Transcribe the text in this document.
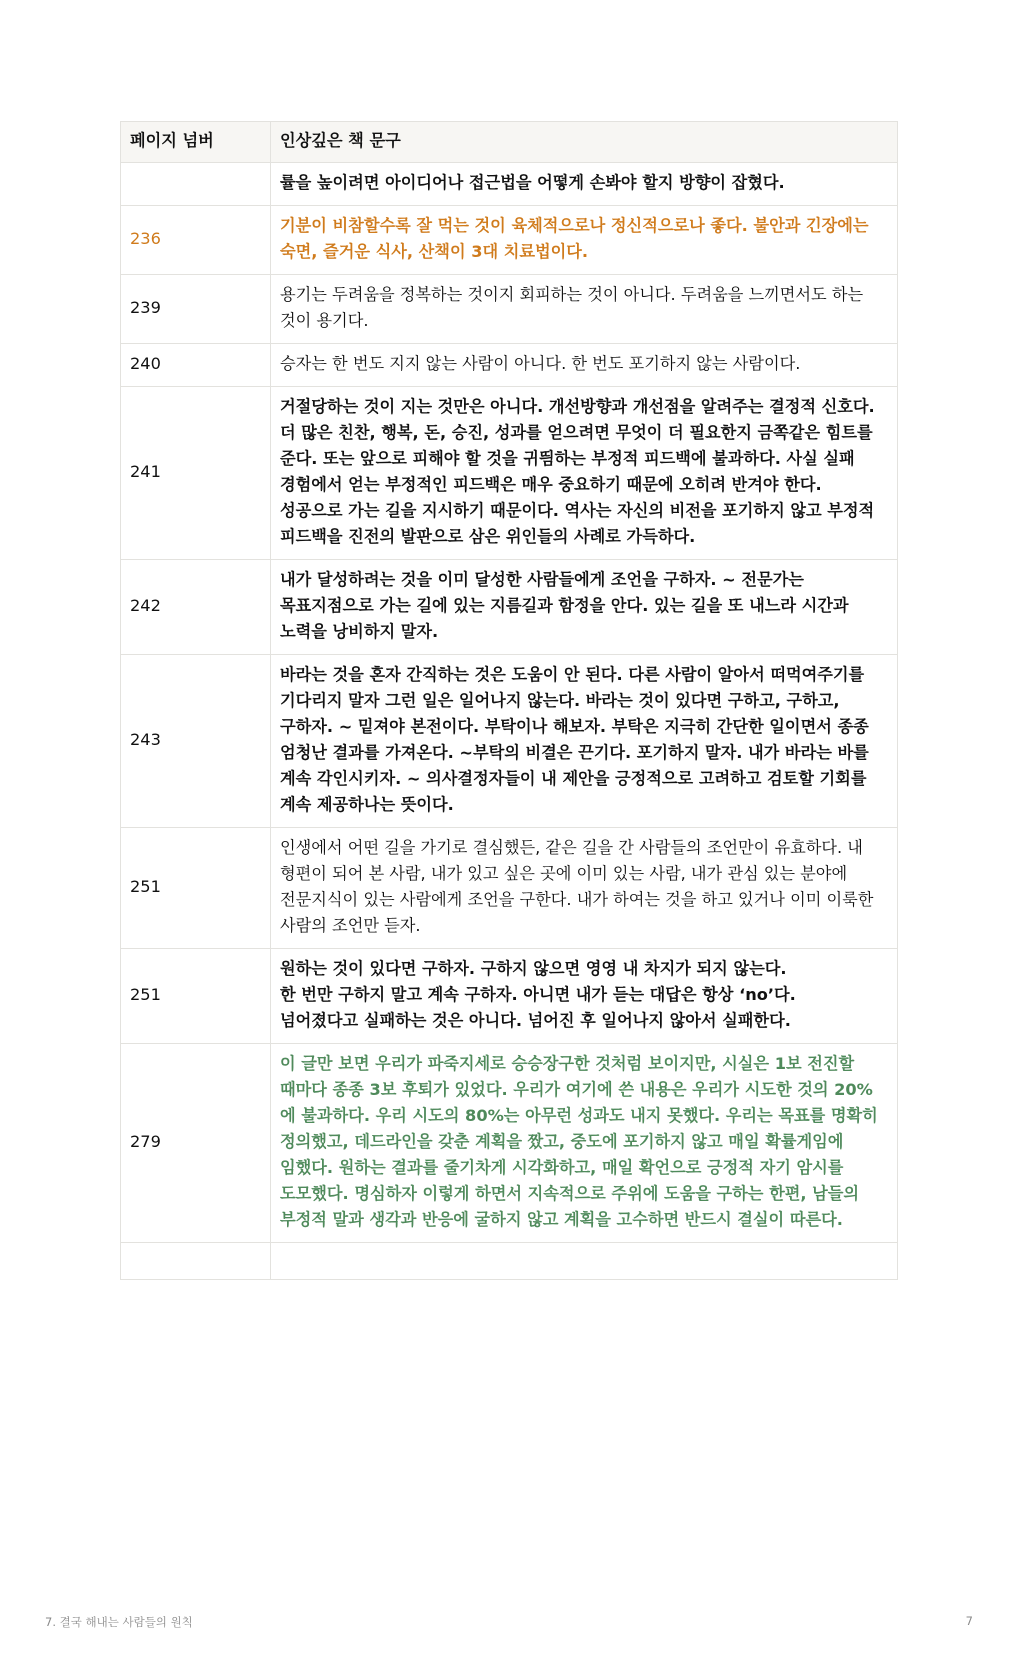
페이지 넘버	인상깊은 책 문구
	률을 높이려면 아이디어나 접근법을 어떻게 손봐야 할지 방향이 잡혔다.
236	기분이 비참할수록 잘 먹는 것이 육체적으로나 정신적으로나 좋다. 불안과 긴장에는 숙면, 즐거운 식사, 산책이 3대 치료법이다.
239	용기는 두려움을 정복하는 것이지 회피하는 것이 아니다. 두려움을 느끼면서도 하는 것이 용기다.
240	승자는 한 번도 지지 않는 사람이 아니다. 한 번도 포기하지 않는 사람이다.
241	거절당하는 것이 지는 것만은 아니다. 개선방향과 개선점을 알려주는 결정적 신호다. 더 많은 친찬, 행복, 돈, 승진, 성과를 얻으려면 무엇이 더 필요한지 금쪽같은 힘트를 준다. 또는 앞으로 피해야 할 것을 귀띔하는 부정적 피드백에 불과하다. 사실 실패 경험에서 얻는 부정적인 피드백은 매우 중요하기 때문에 오히려 반겨야 한다. 성공으로 가는 길을 지시하기 때문이다. 역사는 자신의 비전을 포기하지 않고 부정적 피드백을 진전의 발판으로 삼은 위인들의 사례로 가득하다.
242	내가 달성하려는 것을 이미 달성한 사람들에게 조언을 구하자. ~ 전문가는 목표지점으로 가는 길에 있는 지름길과 함정을 안다. 있는 길을 또 내느라 시간과 노력을 낭비하지 말자.
243	바라는 것을 혼자 간직하는 것은 도움이 안 된다. 다른 사람이 알아서 떠먹여주기를 기다리지 말자 그런 일은 일어나지 않는다. 바라는 것이 있다면 구하고, 구하고, 구하자. ~ 밑져야 본전이다. 부탁이나 해보자. 부탁은 지극히 간단한 일이면서 종종 엄청난 결과를 가져온다. ~부탁의 비결은 끈기다. 포기하지 말자. 내가 바라는 바를 계속 각인시키자. ~ 의사결정자들이 내 제안을 긍정적으로 고려하고 검토할 기회를 계속 제공하나는 뜻이다.
251	인생에서 어떤 길을 가기로 결심했든, 같은 길을 간 사람들의 조언만이 유효하다. 내 형편이 되어 본 사람, 내가 있고 싶은 곳에 이미 있는 사람, 내가 관심 있는 분야에 전문지식이 있는 사람에게 조언을 구한다. 내가 하여는 것을 하고 있거나 이미 이룩한 사람의 조언만 듣자.
251	원하는 것이 있다면 구하자. 구하지 않으면 영영 내 차지가 되지 않는다.
한 번만 구하지 말고 계속 구하자. 아니면 내가 듣는 대답은 항상 ‘no’다.
넘어졌다고 실패하는 것은 아니다. 넘어진 후 일어나지 않아서 실패한다.

279	이 글만 보면 우리가 파죽지세로 승승장구한 것처럼 보이지만, 시실은 1보 전진할 때마다 종종 3보 후퇴가 있었다. 우리가 여기에 쓴 내용은 우리가 시도한 것의 20%에 불과하다. 우리 시도의 80%는 아무런 성과도 내지 못했다. 우리는 목표를 명확히 정의했고, 데드라인을 갖춘 계획을 짰고, 중도에 포기하지 않고 매일 확률게임에 임했다. 원하는 결과를 줄기차게 시각화하고, 매일 확언으로 긍정적 자기 암시를 도모했다. 명심하자 이렇게 하면서 지속적으로 주위에 도움을 구하는 한편, 남들의 부정적 말과 생각과 반응에 굴하지 않고 계획을 고수하면 반드시 결실이 따른다.

7. 결국 해내는 사람들의 원칙	7
